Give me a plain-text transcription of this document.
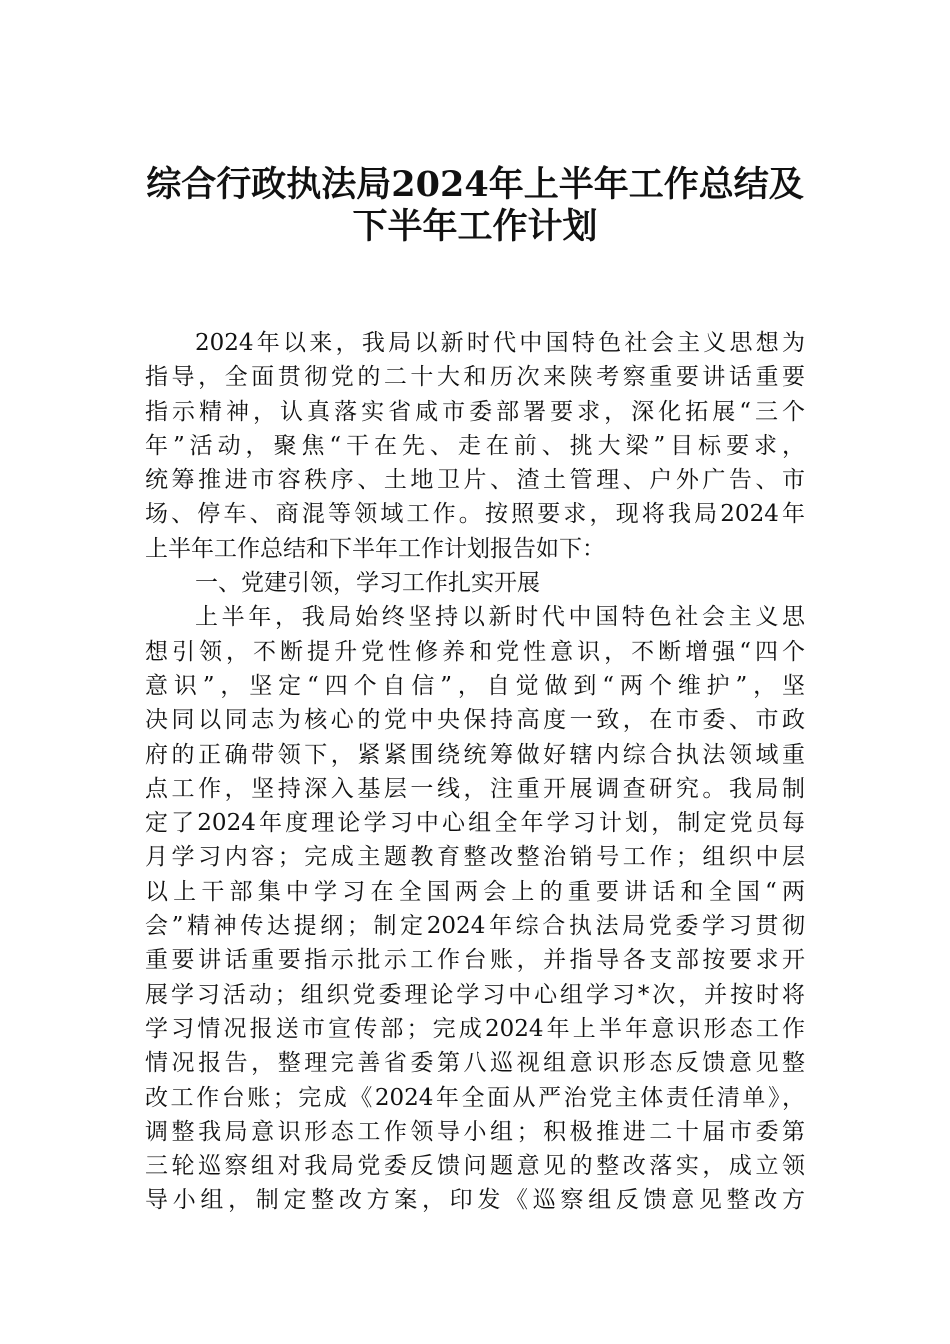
综合行政执法局2024年上半年工作总结及
下半年工作计划
2024年以来，我局以新时代中国特色社会主义思想为
指导，全面贯彻党的二十大和历次来陕考察重要讲话重要
指示精神，认真落实省咸市委部署要求，深化拓展“三个
年”活动，聚焦“干在先、走在前、挑大梁”目标要求，
统筹推进市容秩序、土地卫片、渣土管理、户外广告、市
场、停车、商混等领域工作。按照要求，现将我局2024年
上半年工作总结和下半年工作计划报告如下：
一、党建引领，学习工作扎实开展
上半年，我局始终坚持以新时代中国特色社会主义思
想引领，不断提升党性修养和党性意识，不断增强“四个
意识”，坚定“四个自信”，自觉做到“两个维护”，坚
决同以同志为核心的党中央保持高度一致，在市委、市政
府的正确带领下，紧紧围绕统筹做好辖内综合执法领域重
点工作，坚持深入基层一线，注重开展调查研究。我局制
定了2024年度理论学习中心组全年学习计划，制定党员每
月学习内容；完成主题教育整改整治销号工作；组织中层
以上干部集中学习在全国两会上的重要讲话和全国“两
会”精神传达提纲；制定2024年综合执法局党委学习贯彻
重要讲话重要指示批示工作台账，并指导各支部按要求开
展学习活动；组织党委理论学习中心组学习*次，并按时将
学习情况报送市宣传部；完成2024年上半年意识形态工作
情况报告，整理完善省委第八巡视组意识形态反馈意见整
改工作台账；完成《2024年全面从严治党主体责任清单》，
调整我局意识形态工作领导小组；积极推进二十届市委第
三轮巡察组对我局党委反馈问题意见的整改落实，成立领
导小组，制定整改方案，印发《巡察组反馈意见整改方
